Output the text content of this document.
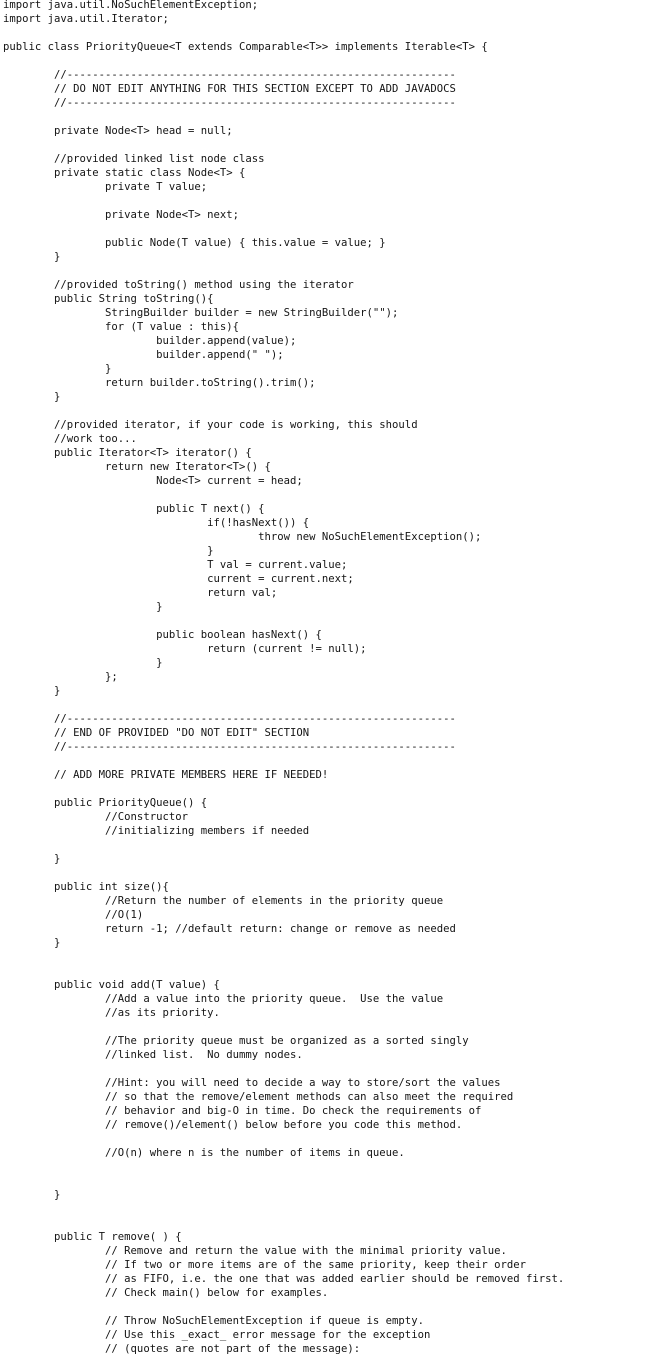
import java.util.NoSuchElementException;
import java.util.Iterator;
public class PriorityQueue<T extends Comparable<T>> implements Iterable<T> {
//-------------------------------------------------------------
// DO NOT EDIT ANYTHING FOR THIS SECTION EXCEPT TO ADD JAVADOCS
//-------------------------------------------------------------
private Node<T> head = null;
//provided linked list node class
private static class Node<T> {
private T value;
private Node<T> next;
public Node(T value) { this.value = value; }
}
//provided toString() method using the iterator
public String toString(){
StringBuilder builder = new StringBuilder("");
for (T value : this){
builder.append(value);
builder.append(" ");
}
return builder.toString().trim();
}
//provided iterator, if your code is working, this should
//work too...
public Iterator<T> iterator() {
return new Iterator<T>() {
Node<T> current = head;
public T next() {
if(!hasNext()) {
throw new NoSuchElementException();
}
T val = current.value;
current = current.next;
return val;
}
public boolean hasNext() {
return (current != null);
}
};
}
//-------------------------------------------------------------
// END OF PROVIDED "DO NOT EDIT" SECTION
//-------------------------------------------------------------
// ADD MORE PRIVATE MEMBERS HERE IF NEEDED!
public PriorityQueue() {
//Constructor
//initializing members if needed
}
public int size(){
//Return the number of elements in the priority queue
//O(1)
return -1; //default return: change or remove as needed
}
public void add(T value) {
//Add a value into the priority queue.  Use the value
//as its priority.
//The priority queue must be organized as a sorted singly
//linked list.  No dummy nodes.
//Hint: you will need to decide a way to store/sort the values
// so that the remove/element methods can also meet the required
// behavior and big-O in time. Do check the requirements of
// remove()/element() below before you code this method.
//O(n) where n is the number of items in queue.
}
public T remove( ) {
// Remove and return the value with the minimal priority value.
// If two or more items are of the same priority, keep their order
// as FIFO, i.e. the one that was added earlier should be removed first.
// Check main() below for examples.
// Throw NoSuchElementException if queue is empty.
// Use this _exact_ error message for the exception
// (quotes are not part of the message):
